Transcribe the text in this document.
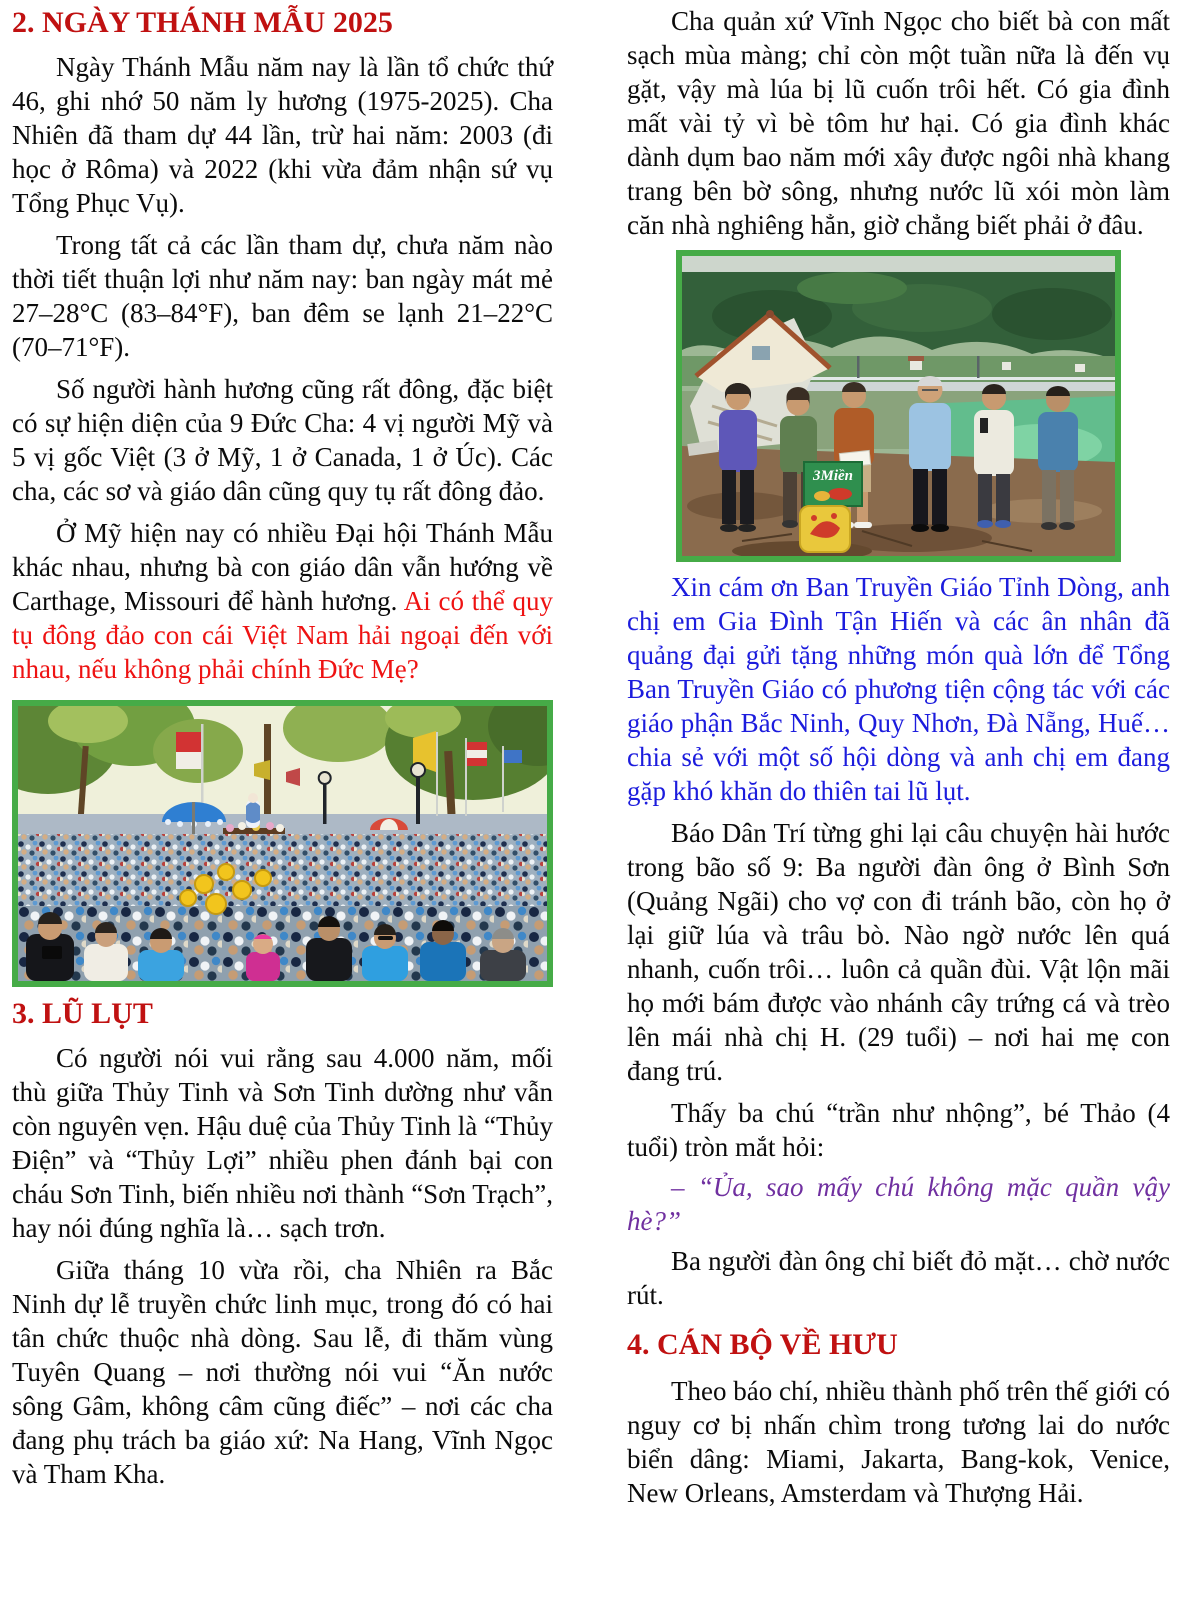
2. NGÀY THÁNH MẪU 2025

Ngày Thánh Mẫu năm nay là lần tổ chức thứ 46, ghi nhớ 50 năm ly hương (1975-2025). Cha Nhiên đã tham dự 44 lần, trừ hai năm: 2003 (đi học ở Rôma) và 2022 (khi vừa đảm nhận sứ vụ Tổng Phục Vụ).

Trong tất cả các lần tham dự, chưa năm nào thời tiết thuận lợi như năm nay: ban ngày mát mẻ 27–28°C (83–84°F), ban đêm se lạnh 21–22°C (70–71°F).

Số người hành hương cũng rất đông, đặc biệt có sự hiện diện của 9 Đức Cha: 4 vị người Mỹ và 5 vị gốc Việt (3 ở Mỹ, 1 ở Canada, 1 ở Úc). Các cha, các sơ và giáo dân cũng quy tụ rất đông đảo.

Ở Mỹ hiện nay có nhiều Đại hội Thánh Mẫu khác nhau, nhưng bà con giáo dân vẫn hướng về Carthage, Missouri để hành hương. Ai có thể quy tụ đông đảo con cái Việt Nam hải ngoại đến với nhau, nếu không phải chính Đức Mẹ?

3. LŨ LỤT

Có người nói vui rằng sau 4.000 năm, mối thù giữa Thủy Tinh và Sơn Tinh dường như vẫn còn nguyên vẹn. Hậu duệ của Thủy Tinh là “Thủy Điện” và “Thủy Lợi” nhiều phen đánh bại con cháu Sơn Tinh, biến nhiều nơi thành “Sơn Trạch”, hay nói đúng nghĩa là… sạch trơn.

Giữa tháng 10 vừa rồi, cha Nhiên ra Bắc Ninh dự lễ truyền chức linh mục, trong đó có hai tân chức thuộc nhà dòng. Sau lễ, đi thăm vùng Tuyên Quang – nơi thường nói vui “Ăn nước sông Gâm, không câm cũng điếc” – nơi các cha đang phụ trách ba giáo xứ: Na Hang, Vĩnh Ngọc và Tham Kha.

Cha quản xứ Vĩnh Ngọc cho biết bà con mất sạch mùa màng; chỉ còn một tuần nữa là đến vụ gặt, vậy mà lúa bị lũ cuốn trôi hết. Có gia đình mất vài tỷ vì bè tôm hư hại. Có gia đình khác dành dụm bao năm mới xây được ngôi nhà khang trang bên bờ sông, nhưng nước lũ xói mòn làm căn nhà nghiêng hẳn, giờ chẳng biết phải ở đâu.

3Miền

Xin cám ơn Ban Truyền Giáo Tỉnh Dòng, anh chị em Gia Đình Tận Hiến và các ân nhân đã quảng đại gửi tặng những món quà lớn để Tổng Ban Truyền Giáo có phương tiện cộng tác với các giáo phận Bắc Ninh, Quy Nhơn, Đà Nẵng, Huế… chia sẻ với một số hội dòng và anh chị em đang gặp khó khăn do thiên tai lũ lụt.

Báo Dân Trí từng ghi lại câu chuyện hài hước trong bão số 9: Ba người đàn ông ở Bình Sơn (Quảng Ngãi) cho vợ con đi tránh bão, còn họ ở lại giữ lúa và trâu bò. Nào ngờ nước lên quá nhanh, cuốn trôi… luôn cả quần đùi. Vật lộn mãi họ mới bám được vào nhánh cây trứng cá và trèo lên mái nhà chị H. (29 tuổi) – nơi hai mẹ con đang trú.

Thấy ba chú “trần như nhộng”, bé Thảo (4 tuổi) tròn mắt hỏi:

– “Ủa, sao mấy chú không mặc quần vậy hè?”

Ba người đàn ông chỉ biết đỏ mặt… chờ nước rút.

4. CÁN BỘ VỀ HƯU

Theo báo chí, nhiều thành phố trên thế giới có nguy cơ bị nhấn chìm trong tương lai do nước biển dâng: Miami, Jakarta, Bang-kok, Venice, New Orleans, Amsterdam và Thượng Hải.
